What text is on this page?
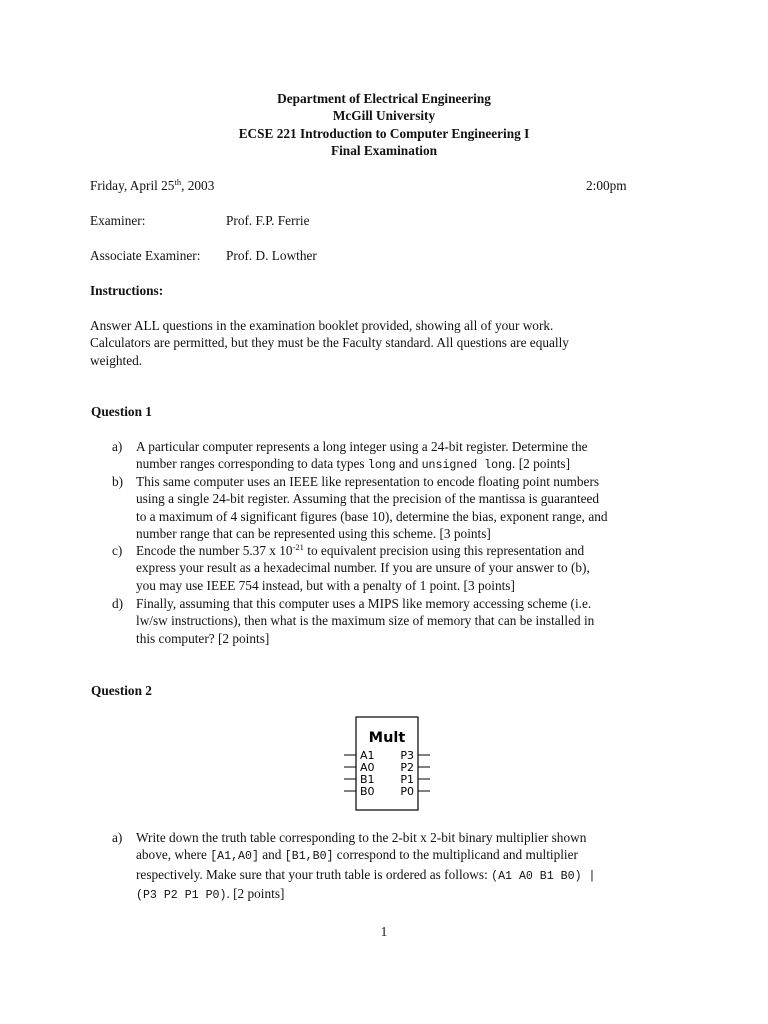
Department of Electrical Engineering
McGill University
ECSE 221 Introduction to Computer Engineering I
Final Examination
Friday, April 25th, 2003	2:00pm
Examiner:	Prof. F.P. Ferrie
Associate Examiner: Prof. D. Lowther
Instructions:
Answer ALL questions in the examination booklet provided, showing all of your work.
Calculators are permitted, but they must be the Faculty standard. All questions are equally
weighted.
Question 1
a) A particular computer represents a long integer using a 24-bit register. Determine the
number ranges corresponding to data types long and unsigned long. [2 points]
b) This same computer uses an IEEE like representation to encode floating point numbers
using a single 24-bit register. Assuming that the precision of the mantissa is guaranteed
to a maximum of 4 significant figures (base 10), determine the bias, exponent range, and
number range that can be represented using this scheme. [3 points]
c) Encode the number 5.37 x $10^{-21}$ to equivalent precision using this representation and
express your result as a hexadecimal number. If you are unsure of your answer to (b),
you may use IEEE 754 instead, but with a penalty of 1 point. [3 points]
d) Finally, assuming that this computer uses a MIPS like memory accessing scheme (i.e.
lw/sw instructions), then what is the maximum size of memory that can be installed in
this computer? [2 points]
Question 2
Mult
A1
A0
B1
B0
P3
P2
P1
P0
a) Write down the truth table corresponding to the 2-bit x 2-bit binary multiplier shown
above, where [A1,A0] and [B1,B0] correspond to the multiplicand and multiplier
respectively. Make sure that your truth table is ordered as follows: (A1 A0 B1 B0) |
(P3 P2 P1 P0). [2 points]
1
